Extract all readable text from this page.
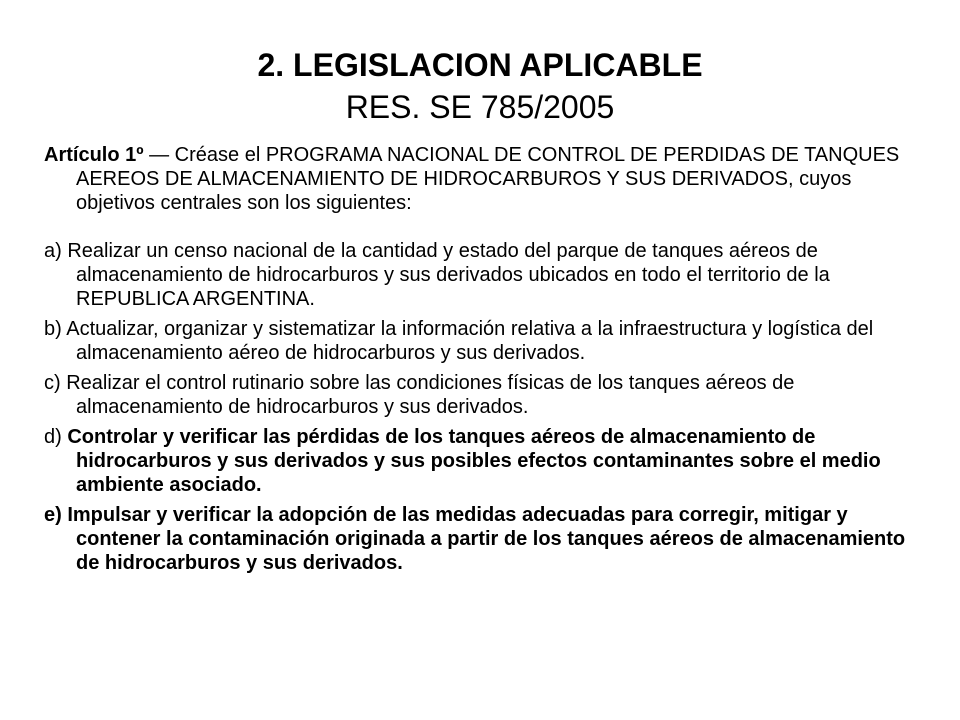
2. LEGISLACION APLICABLE
RES. SE 785/2005

Artículo 1º — Créase el PROGRAMA NACIONAL DE CONTROL DE PERDIDAS DE TANQUES AEREOS DE ALMACENAMIENTO DE HIDROCARBUROS Y SUS DERIVADOS, cuyos objetivos centrales son los siguientes:

a) Realizar un censo nacional de la cantidad y estado del parque de tanques aéreos de almacenamiento de hidrocarburos y sus derivados ubicados en todo el territorio de la REPUBLICA ARGENTINA.

b) Actualizar, organizar y sistematizar la información relativa a la infraestructura y logística del almacenamiento aéreo de hidrocarburos y sus derivados.

c) Realizar el control rutinario sobre las condiciones físicas de los tanques aéreos de almacenamiento de hidrocarburos y sus derivados.

d) Controlar y verificar las pérdidas de los tanques aéreos de almacenamiento de hidrocarburos y sus derivados y sus posibles efectos contaminantes sobre el medio ambiente asociado.

e) Impulsar y verificar la adopción de las medidas adecuadas para corregir, mitigar y contener la contaminación originada a partir de los tanques aéreos de almacenamiento de hidrocarburos y sus derivados.
